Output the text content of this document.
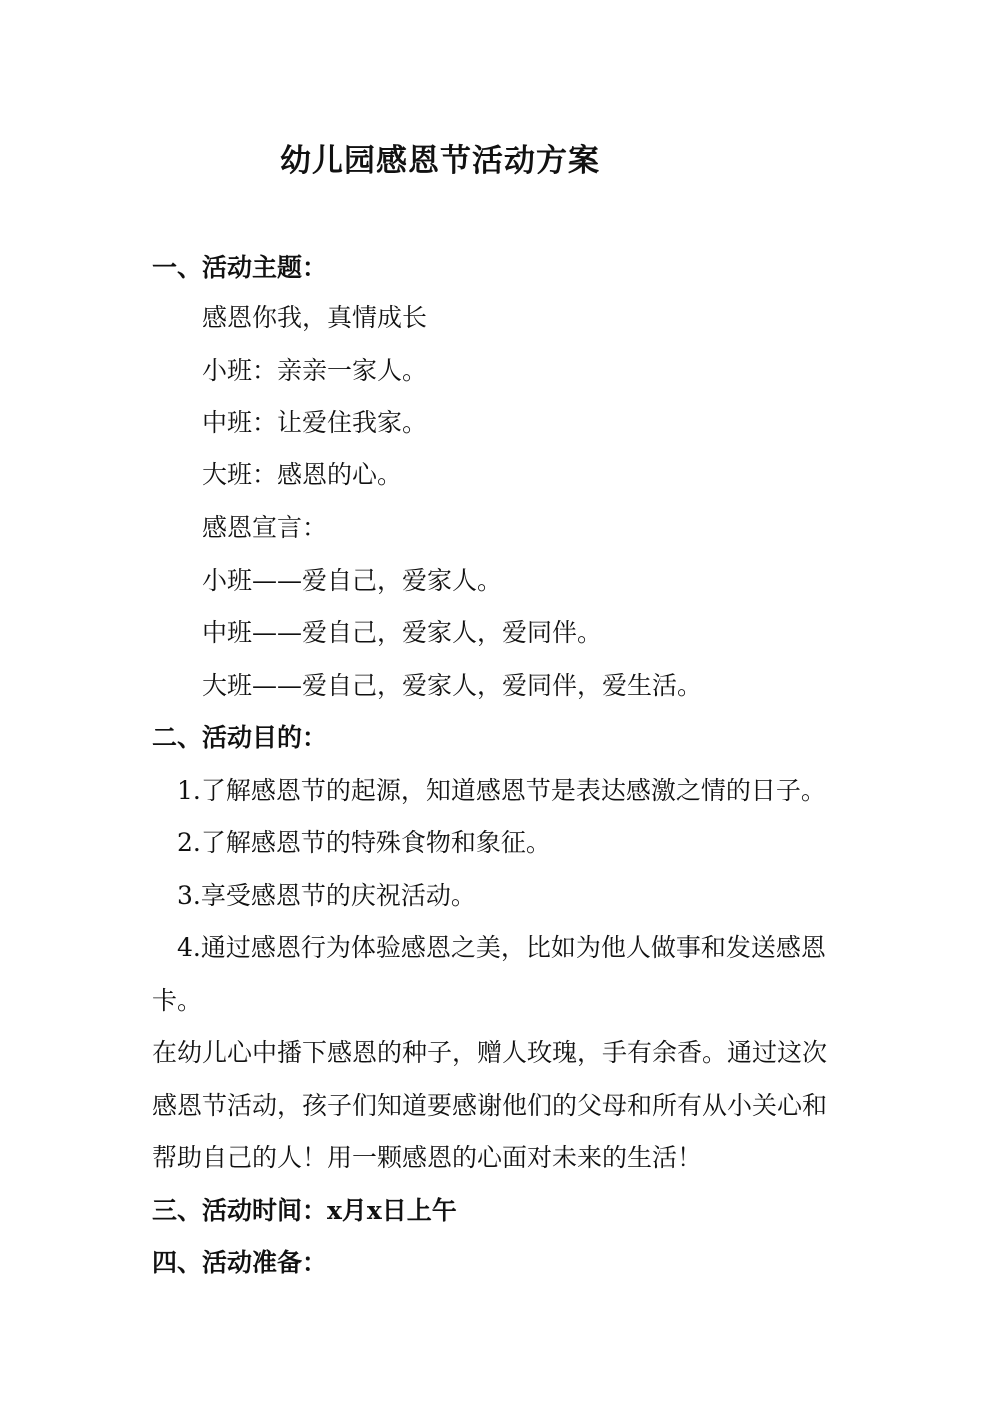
幼儿园感恩节活动方案
一、活动主题：
感恩你我，真情成长
小班：亲亲一家人。
中班：让爱住我家。
大班：感恩的心。
感恩宣言：
小班——爱自己，爱家人。
中班——爱自己，爱家人，爱同伴。
大班——爱自己，爱家人，爱同伴，爱生活。
二、活动目的：
1.了解感恩节的起源，知道感恩节是表达感激之情的日子。
2.了解感恩节的特殊食物和象征。
3.享受感恩节的庆祝活动。
4.通过感恩行为体验感恩之美，比如为他人做事和发送感恩
卡。
在幼儿心中播下感恩的种子，赠人玫瑰，手有余香。通过这次
感恩节活动，孩子们知道要感谢他们的父母和所有从小关心和
帮助自己的人！用一颗感恩的心面对未来的生活！
三、活动时间：x月x日上午
四、活动准备：
